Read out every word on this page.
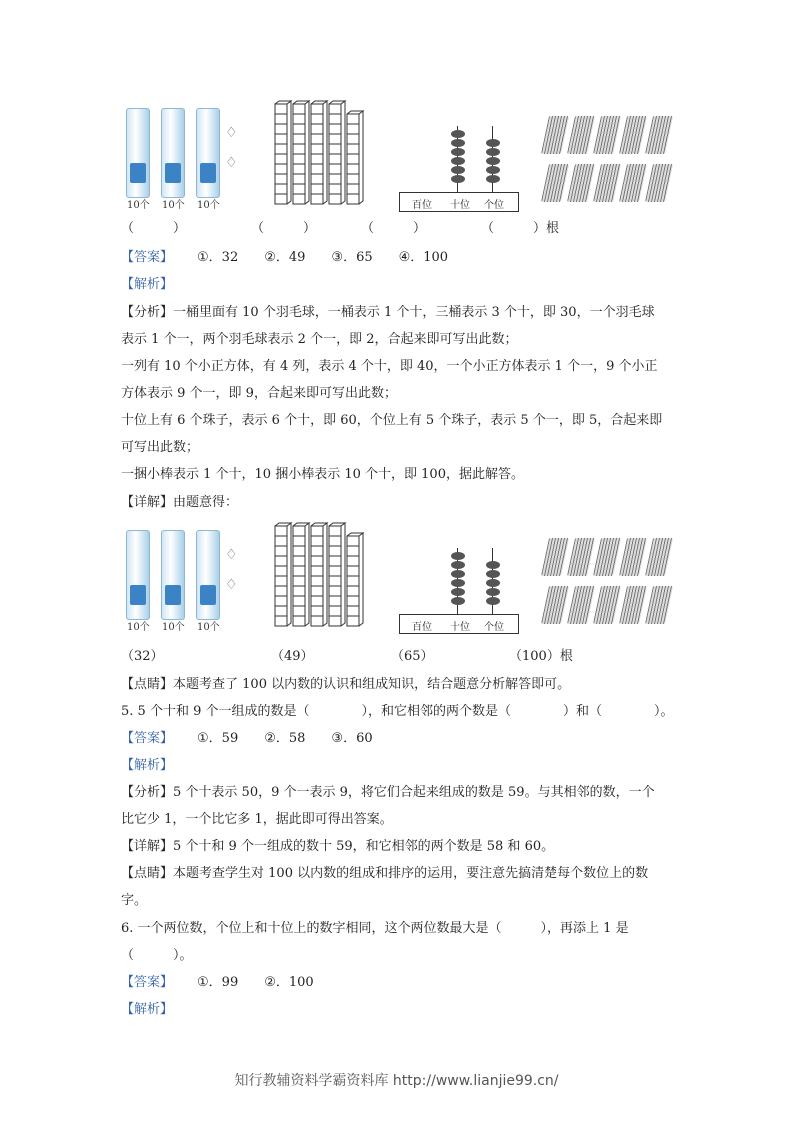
10个 10个 10个
♢
♢
百位 十位 个位
（　　　）	（　　　）	（　　　）	（　　　）根
【答案】 ①．32　　②．49　　③．65　　④．100
【解析】
【分析】一桶里面有 10 个羽毛球，一桶表示 1 个十，三桶表示 3 个十，即 30，一个羽毛球
表示 1 个一，两个羽毛球表示 2 个一，即 2，合起来即可写出此数；
一列有 10 个小正方体，有 4 列，表示 4 个十，即 40，一个小正方体表示 1 个一，9 个小正
方体表示 9 个一，即 9，合起来即可写出此数；
十位上有 6 个珠子，表示 6 个十，即 60，个位上有 5 个珠子，表示 5 个一，即 5，合起来即
可写出此数；
一捆小棒表示 1 个十，10 捆小棒表示 10 个十，即 100，据此解答。
【详解】由题意得：
10个 10个 10个
♢
♢
百位 十位 个位
（32）	（49）	（65）	（100）根
【点睛】本题考查了 100 以内数的认识和组成知识，结合题意分析解答即可。
5. 5 个十和 9 个一组成的数是（　　　　），和它相邻的两个数是（　　　　）和（　　　　）。
【答案】 ①．59　　②．58　　③．60
【解析】
【分析】5 个十表示 50，9 个一表示 9，将它们合起来组成的数是 59。与其相邻的数，一个
比它少 1，一个比它多 1，据此即可得出答案。
【详解】5 个十和 9 个一组成的数十 59，和它相邻的两个数是 58 和 60。
【点睛】本题考查学生对 100 以内数的组成和排序的运用，要注意先搞清楚每个数位上的数
字。
6. 一个两位数，个位上和十位上的数字相同，这个两位数最大是（　　　），再添上 1 是
（　　　）。
【答案】 ①．99　　②．100
【解析】
知行教辅资料学霸资料库 http://www.lianjie99.cn/
